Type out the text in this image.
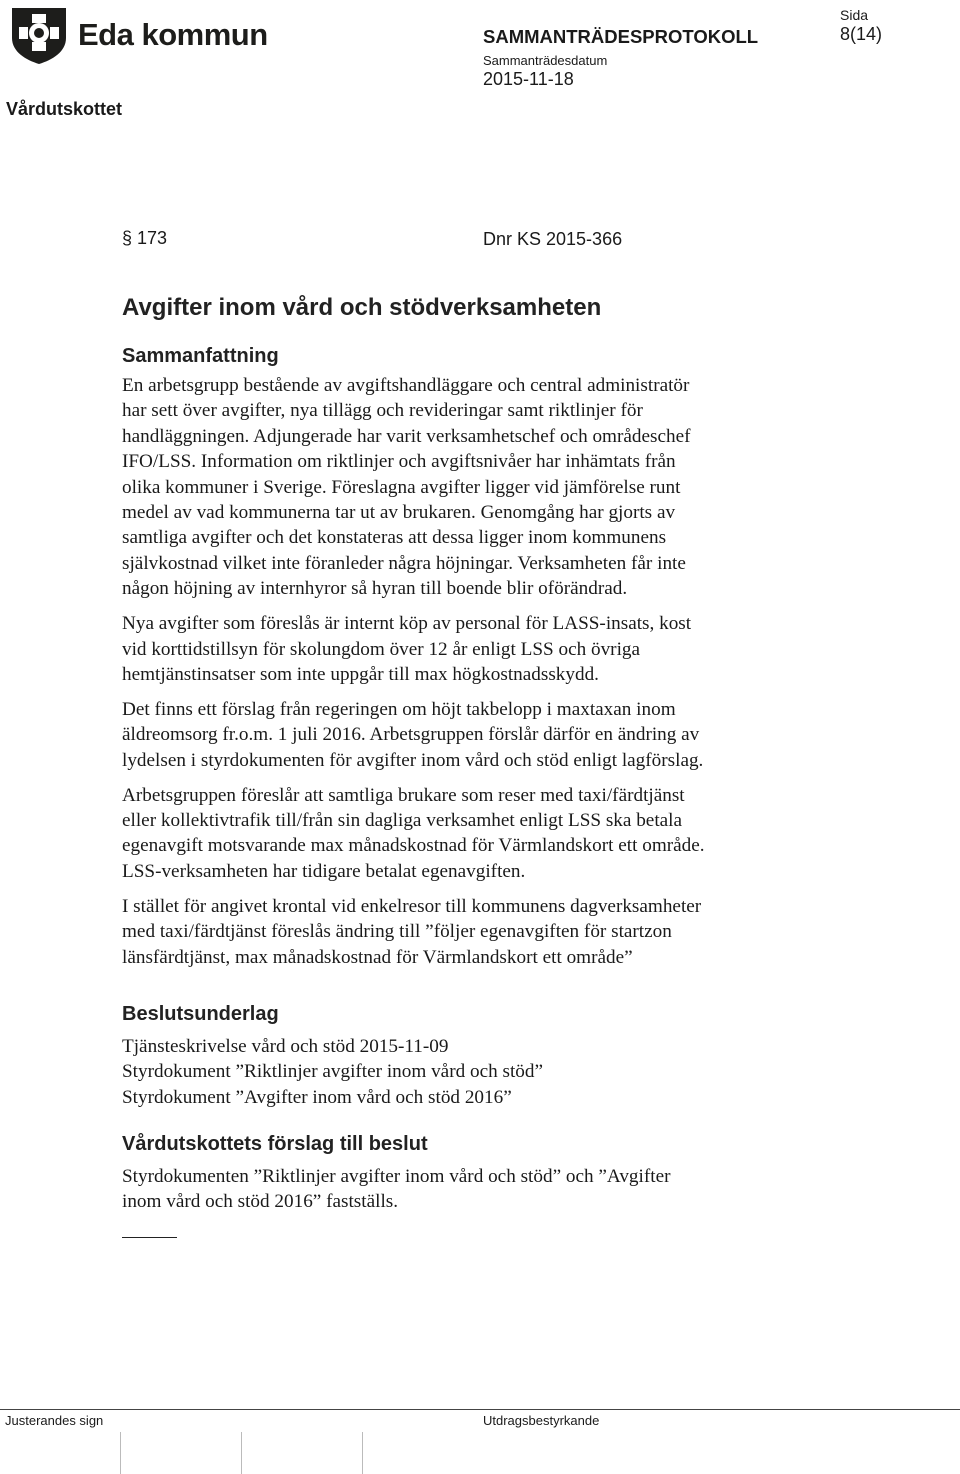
Eda kommun	SAMMANTRÄDESPROTOKOLL
Sammanträdesdatum
2015-11-18
Sida
8(14)
Vårdutskottet
§ 173	Dnr KS 2015-366
Avgifter inom vård och stödverksamheten
Sammanfattning

En arbetsgrupp bestående av avgiftshandläggare och central administratör
har sett över avgifter, nya tillägg och revideringar samt riktlinjer för
handläggningen. Adjungerade har varit verksamhetschef och områdeschef
IFO/LSS. Information om riktlinjer och avgiftsnivåer har inhämtats från
olika kommuner i Sverige. Föreslagna avgifter ligger vid jämförelse runt
medel av vad kommunerna tar ut av brukaren. Genomgång har gjorts av
samtliga avgifter och det konstateras att dessa ligger inom kommunens
självkostnad vilket inte föranleder några höjningar. Verksamheten får inte
någon höjning av internhyror så hyran till boende blir oförändrad.

Nya avgifter som föreslås är internt köp av personal för LASS-insats, kost
vid korttidstillsyn för skolungdom över 12 år enligt LSS och övriga
hemtjänstinsatser som inte uppgår till max högkostnadsskydd.

Det finns ett förslag från regeringen om höjt takbelopp i maxtaxan inom
äldreomsorg fr.o.m. 1 juli 2016. Arbetsgruppen förslår därför en ändring av
lydelsen i styrdokumenten för avgifter inom vård och stöd enligt lagförslag.

Arbetsgruppen föreslår att samtliga brukare som reser med taxi/färdtjänst
eller kollektivtrafik till/från sin dagliga verksamhet enligt LSS ska betala
egenavgift motsvarande max månadskostnad för Värmlandskort ett område.
LSS-verksamheten har tidigare betalat egenavgiften.

I stället för angivet krontal vid enkelresor till kommunens dagverksamheter
med taxi/färdtjänst föreslås ändring till ”följer egenavgiften för startzon
länsfärdtjänst, max månadskostnad för Värmlandskort ett område”

Beslutsunderlag
Tjänsteskrivelse vård och stöd 2015-11-09
Styrdokument ”Riktlinjer avgifter inom vård och stöd”
Styrdokument ”Avgifter inom vård och stöd 2016”
Vårdutskottets förslag till beslut
Styrdokumenten ”Riktlinjer avgifter inom vård och stöd” och ”Avgifter
inom vård och stöd 2016” fastställs.
Justerandes sign	Utdragsbestyrkande
